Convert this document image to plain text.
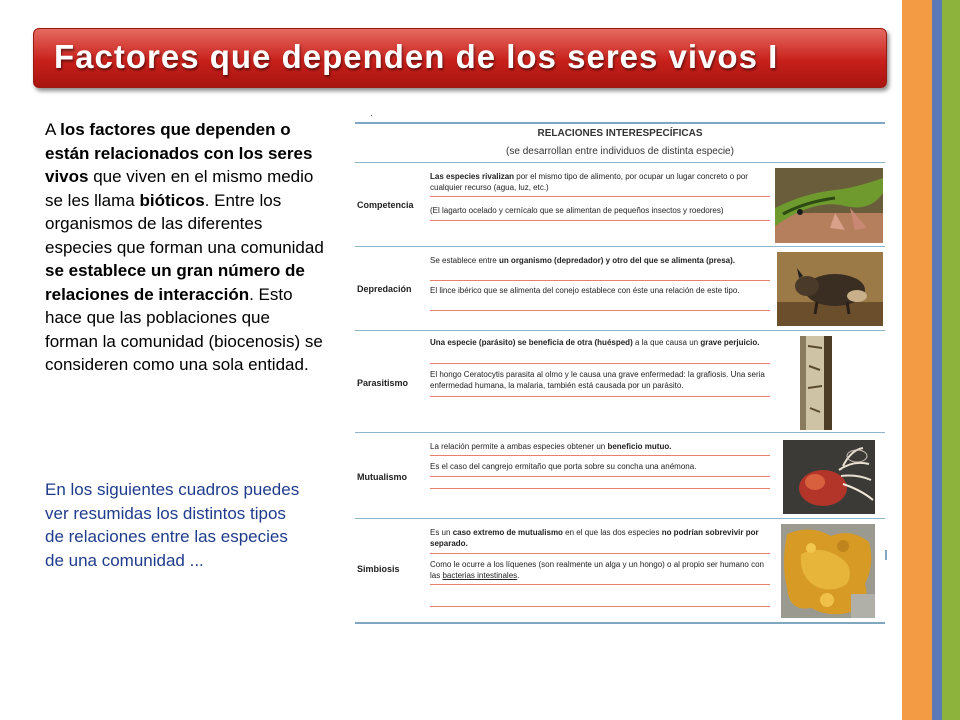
Factores que dependen de los seres vivos I
A los factores que dependen o están relacionados con los seres vivos que viven en el mismo medio se les llama bióticos. Entre los organismos de las diferentes especies que forman una comunidad se establece un gran número de relaciones de interacción. Esto hace que las poblaciones que forman la comunidad (biocenosis) se consideren como una sola entidad.
En los siguientes cuadros puedes ver resumidas los distintos tipos de relaciones entre las especies de una comunidad ...
·
RELACIONES INTERESPECÍFICAS
(se desarrollan entre individuos de distinta especie)
Competencia
Las especies rivalizan por el mismo tipo de alimento, por ocupar un lugar concreto o por cualquier recurso (agua, luz, etc.)
(El lagarto ocelado y cernícalo que se alimentan de pequeños insectos y roedores)
Depredación
Se establece entre un organismo (depredador) y otro del que se alimenta (presa).
El lince ibérico que se alimenta del conejo establece con éste una relación de este tipo.
Parasitismo
Una especie (parásito) se beneficia de otra (huésped) a la que causa un grave perjuicio.
El hongo Ceratocytis parasita al olmo y le causa una grave enfermedad: la grafiosis. Una seria enfermedad humana, la malaria, también está causada por un parásito.
Mutualismo
La relación permite a ambas especies obtener un beneficio mutuo.
Es el caso del cangrejo ermitaño que porta sobre su concha una anémona.
Simbiosis
Es un caso extremo de mutualismo en el que las dos especies no podrían sobrevivir por separado.
Como le ocurre a los líquenes (son realmente un alga y un hongo) o al propio ser humano con las bacterias intestinales.
